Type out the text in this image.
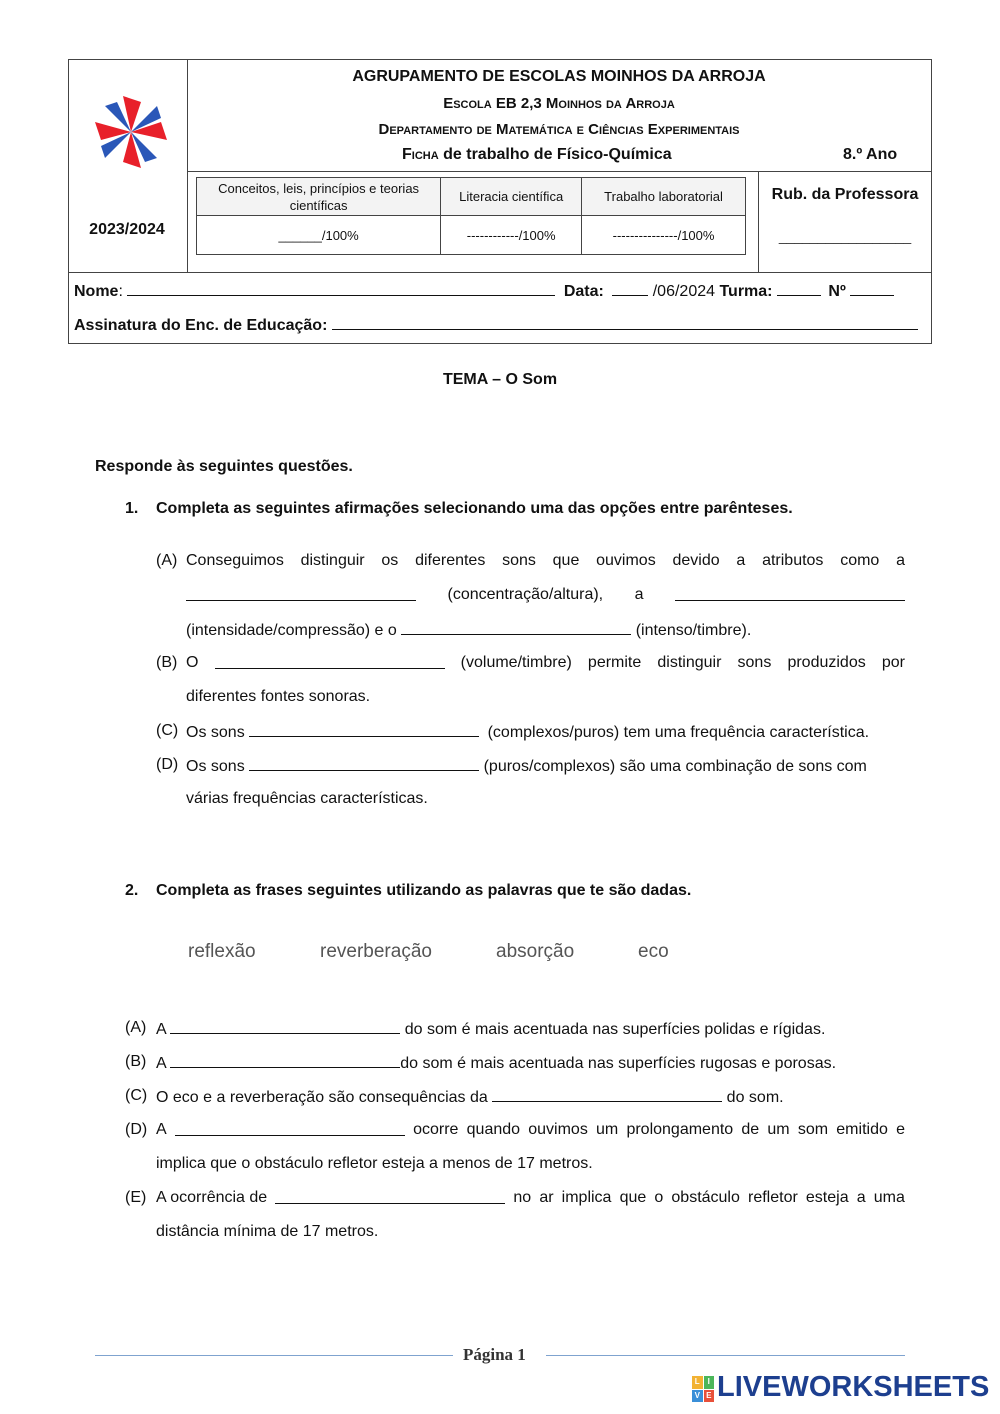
2023/2024
AGRUPAMENTO DE ESCOLAS MOINHOS DA ARROJA
Escola EB 2,3 Moinhos da Arroja
Departamento de Matemática e Ciências Experimentais
Ficha de trabalho de Físico-Química	8.º Ano
Conceitos, leis, princípios e teorias científicas	Literacia científica	Trabalho laboratorial
______/100%	------------/100%	---------------/100%
Rub. da Professora
_________________
Nome:	Data:	/06/2024 Turma:	Nº
Assinatura do Enc. de Educação:
TEMA – O Som
Responde às seguintes questões.
1. Completa as seguintes afirmações selecionando uma das opções entre parênteses.
(A) Conseguimos distinguir os diferentes sons que ouvimos devido a atributos como a
(concentração/altura), a
(intensidade/compressão) e o	(intenso/timbre).
(B) O	(volume/timbre) permite distinguir sons produzidos por
diferentes fontes sonoras.
(C) Os sons	(complexos/puros) tem uma frequência característica.
(D) Os sons	(puros/complexos) são uma combinação de sons com
várias frequências características.
2. Completa as frases seguintes utilizando as palavras que te são dadas.
reflexão	reverberação	absorção	eco
(A) A	do som é mais acentuada nas superfícies polidas e rígidas.
(B) A	do som é mais acentuada nas superfícies rugosas e porosas.
(C) O eco e a reverberação são consequências da	do som.
(D) A	ocorre quando ouvimos um prolongamento de um som emitido e
implica que o obstáculo refletor esteja a menos de 17 metros.
(E) A ocorrência de	no ar implica que o obstáculo refletor esteja a uma
distância mínima de 17 metros.
Página 1
L I
V E LIVEWORKSHEETS
